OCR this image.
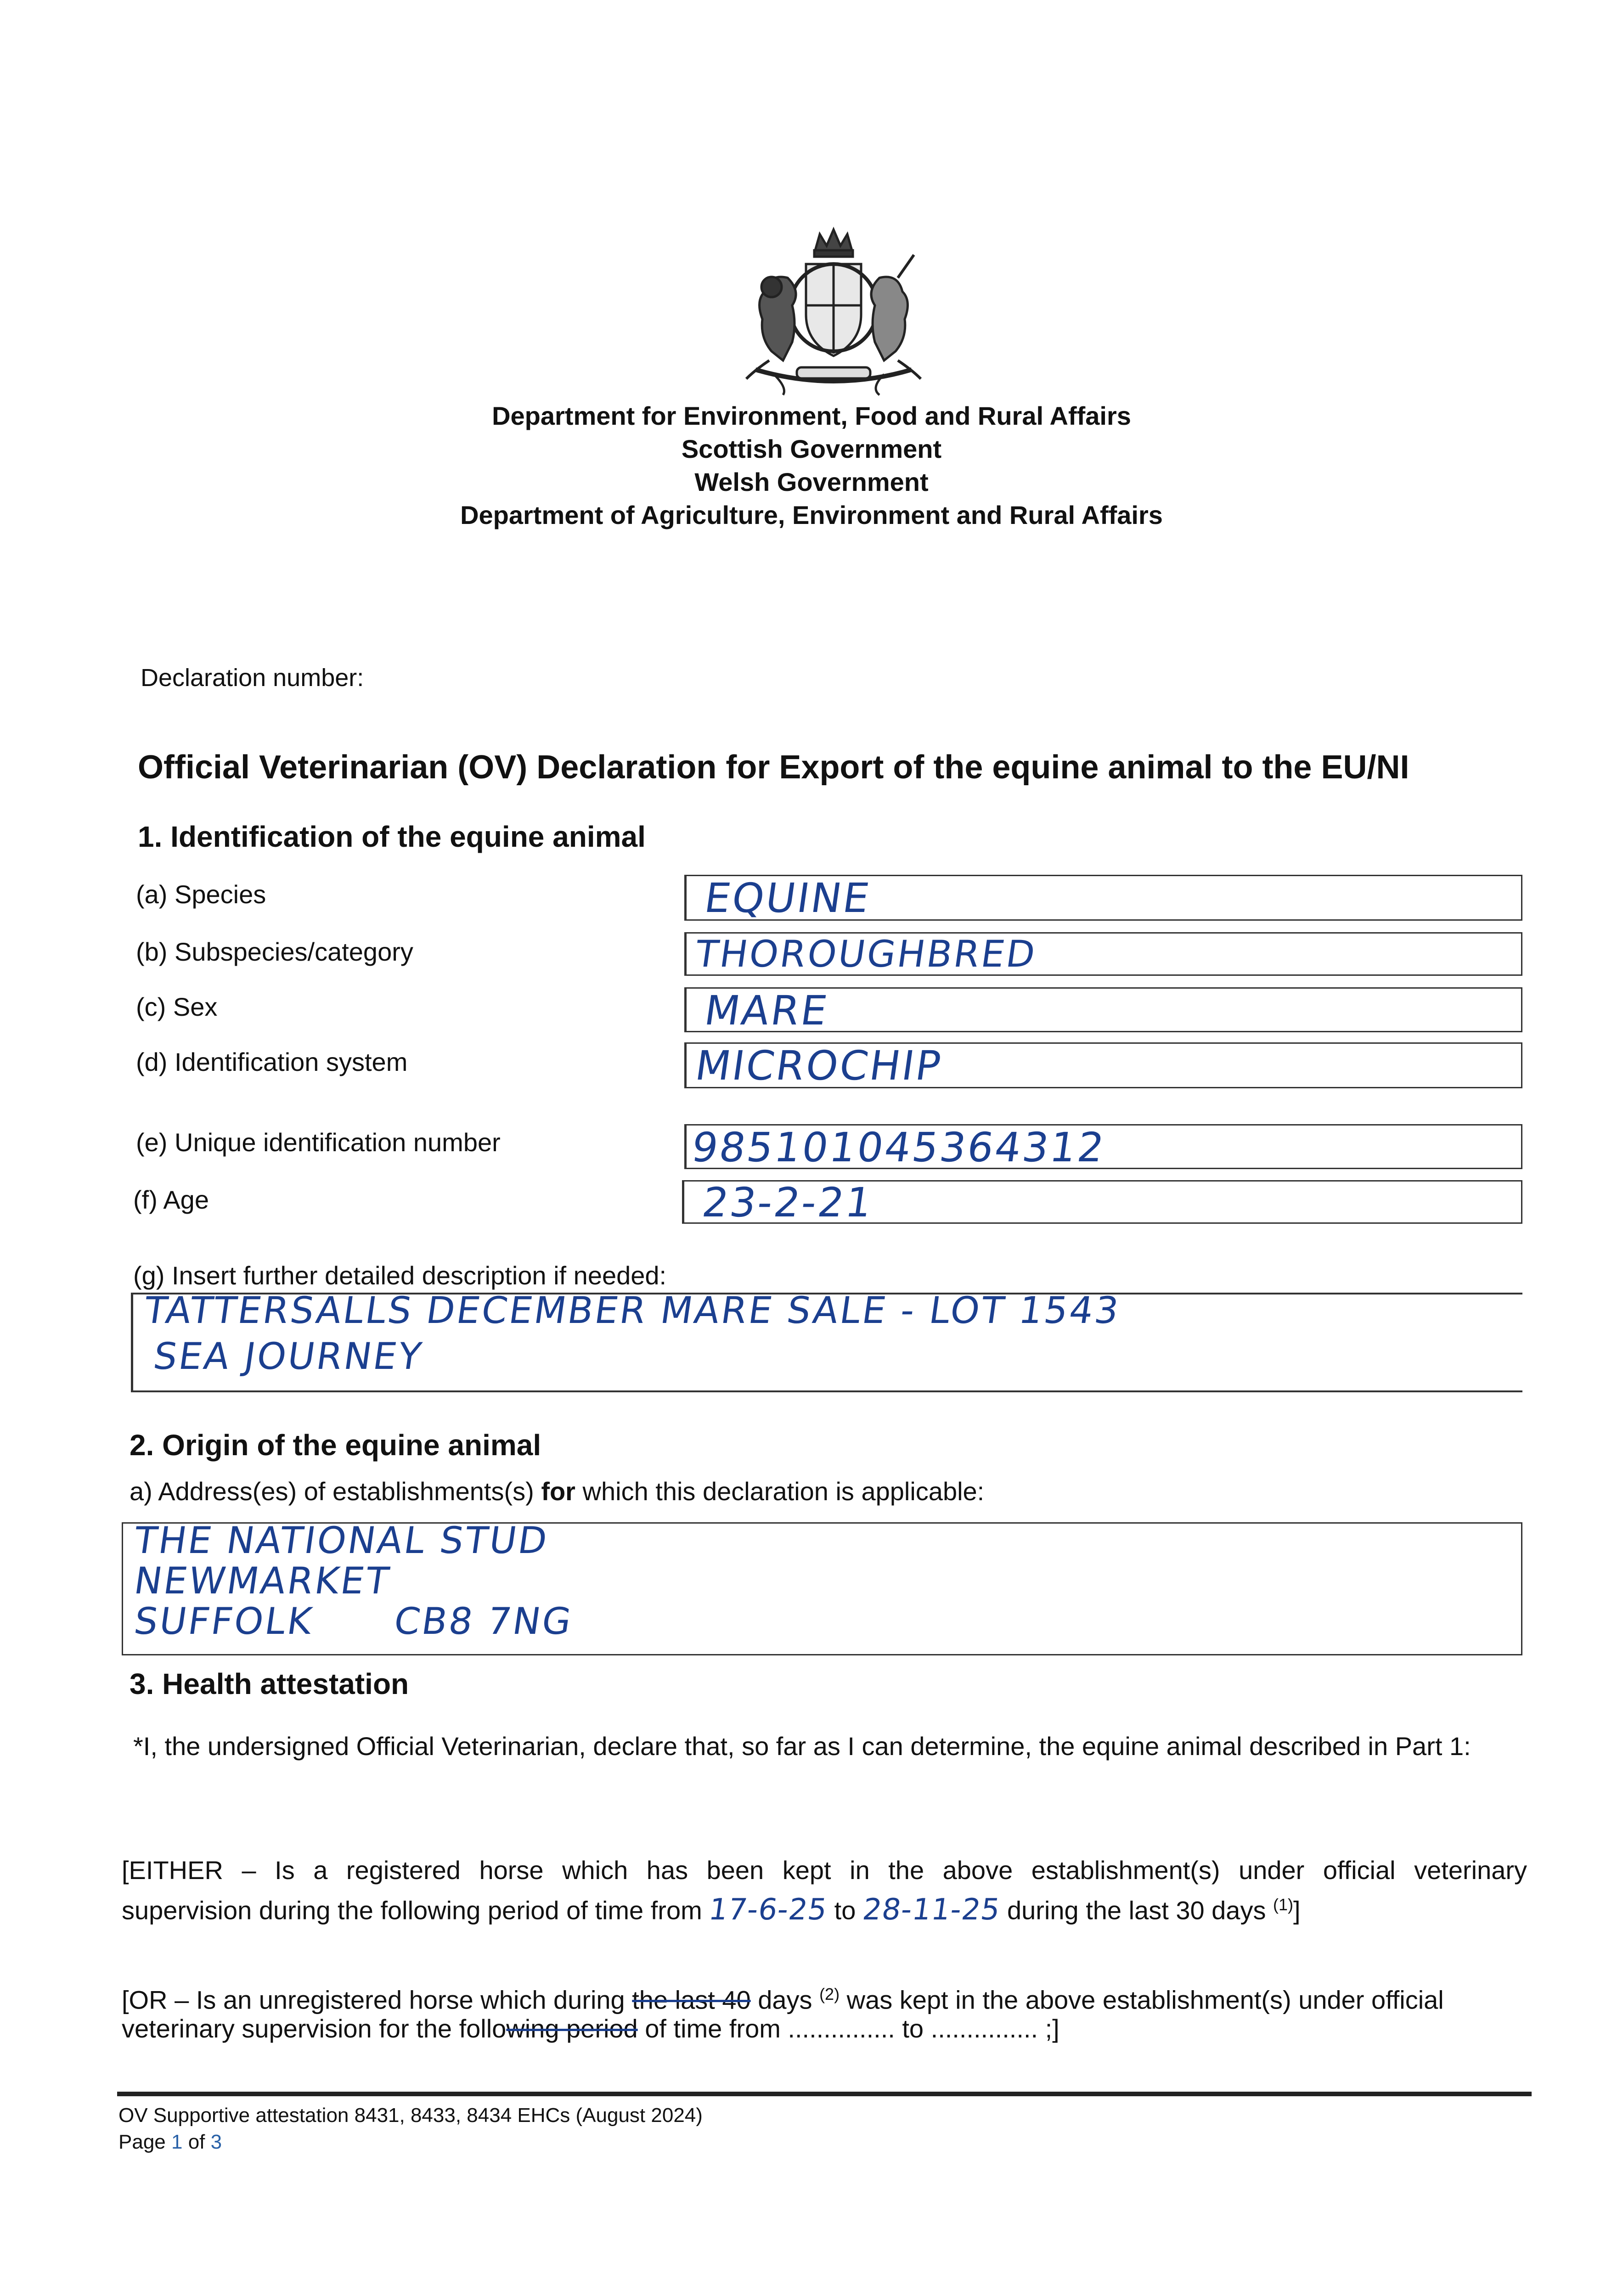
Department for Environment, Food and Rural Affairs
Scottish Government
Welsh Government
Department of Agriculture, Environment and Rural Affairs
Declaration number:
Official Veterinarian (OV) Declaration for Export of the equine animal to the EU/NI
1. Identification of the equine animal
(a) Species	EQUINE
(b) Subspecies/category	THOROUGHBRED
(c) Sex	MARE
(d) Identification system	MICROCHIP
(e) Unique identification number	985101045364312
(f) Age	23-2-21
(g) Insert further detailed description if needed:
TATTERSALLS DECEMBER MARE SALE - LOT 1543
SEA JOURNEY
2. Origin of the equine animal
a) Address(es) of establishments(s) for which this declaration is applicable:
THE NATIONAL STUD
NEWMARKET
SUFFOLK      CB8 7NG
3. Health attestation
*I, the undersigned Official Veterinarian, declare that, so far as I can determine, the equine animal described in Part 1:
[EITHER – Is a registered horse which has been kept in the above establishment(s) under official veterinary
supervision during the following period of time from 17-6-25 to 28-11-25 during the last 30 days $^{(1)}$]
[OR – Is an unregistered horse which during the last 40 days $^{(2)}$ was kept in the above establishment(s) under official
veterinary supervision for the following period of time from ............... to ............... ;]
OV Supportive attestation 8431, 8433, 8434 EHCs (August 2024)
Page 1 of 3
